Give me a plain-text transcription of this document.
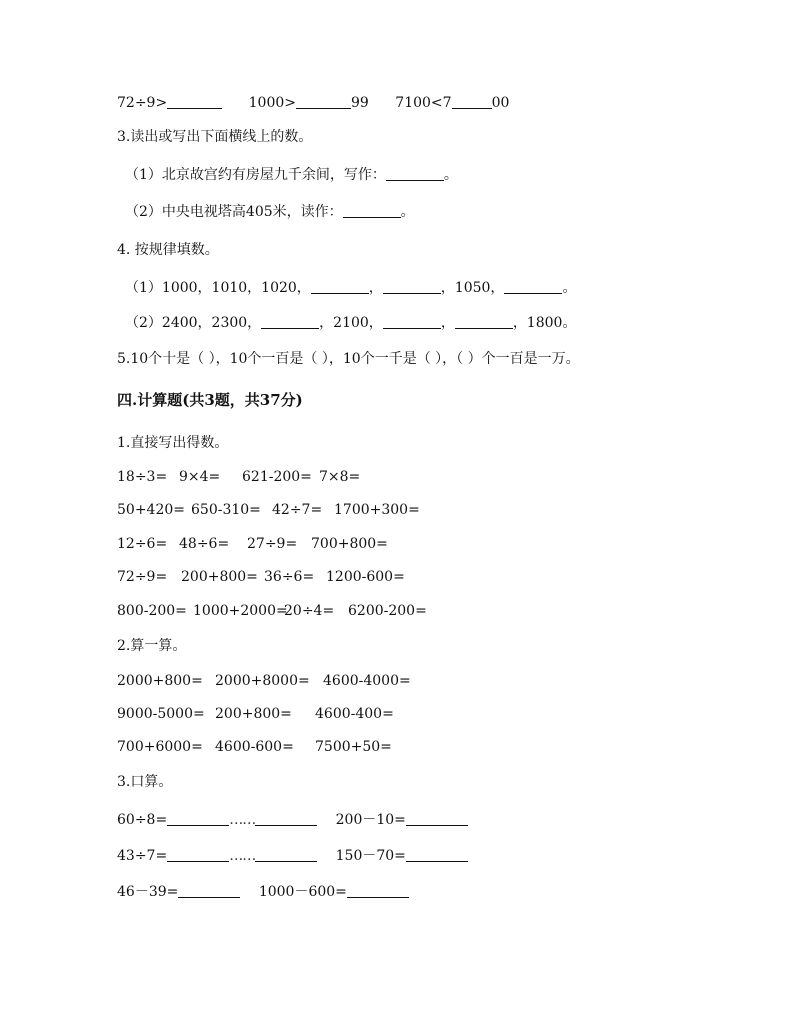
72÷9>	1000>	99 7100<7	00
3.读出或写出下面横线上的数。
（1）北京故宫约有房屋九千余间，写作：	。
（2）中央电视塔高405米，读作：	。
4. 按规律填数。
（1）1000，1010，1020，	，	，1050，	。
（2）2400，2300，	，2100，	，	，1800。
5.10个十是（ ），10个一百是（ ），10个一千是（ ），（ ）个一百是一万。
四.计算题(共3题，共37分)
1.直接写出得数。
18÷3= 9×4= 621-200= 7×8=
50+420= 650-310= 42÷7= 1700+300=
12÷6= 48÷6= 27÷9= 700+800=
72÷9= 200+800= 36÷6= 1200-600=
800-200= 1000+2000=20÷4= 6200-200=
2.算一算。
2000+800= 2000+8000= 4600-4000=
9000-5000= 200+800= 4600-400=
700+6000= 4600-600= 7500+50=
3.口算。
60÷8=	……	200－10=
43÷7=	……	150－70=
46－39=	1000－600=
